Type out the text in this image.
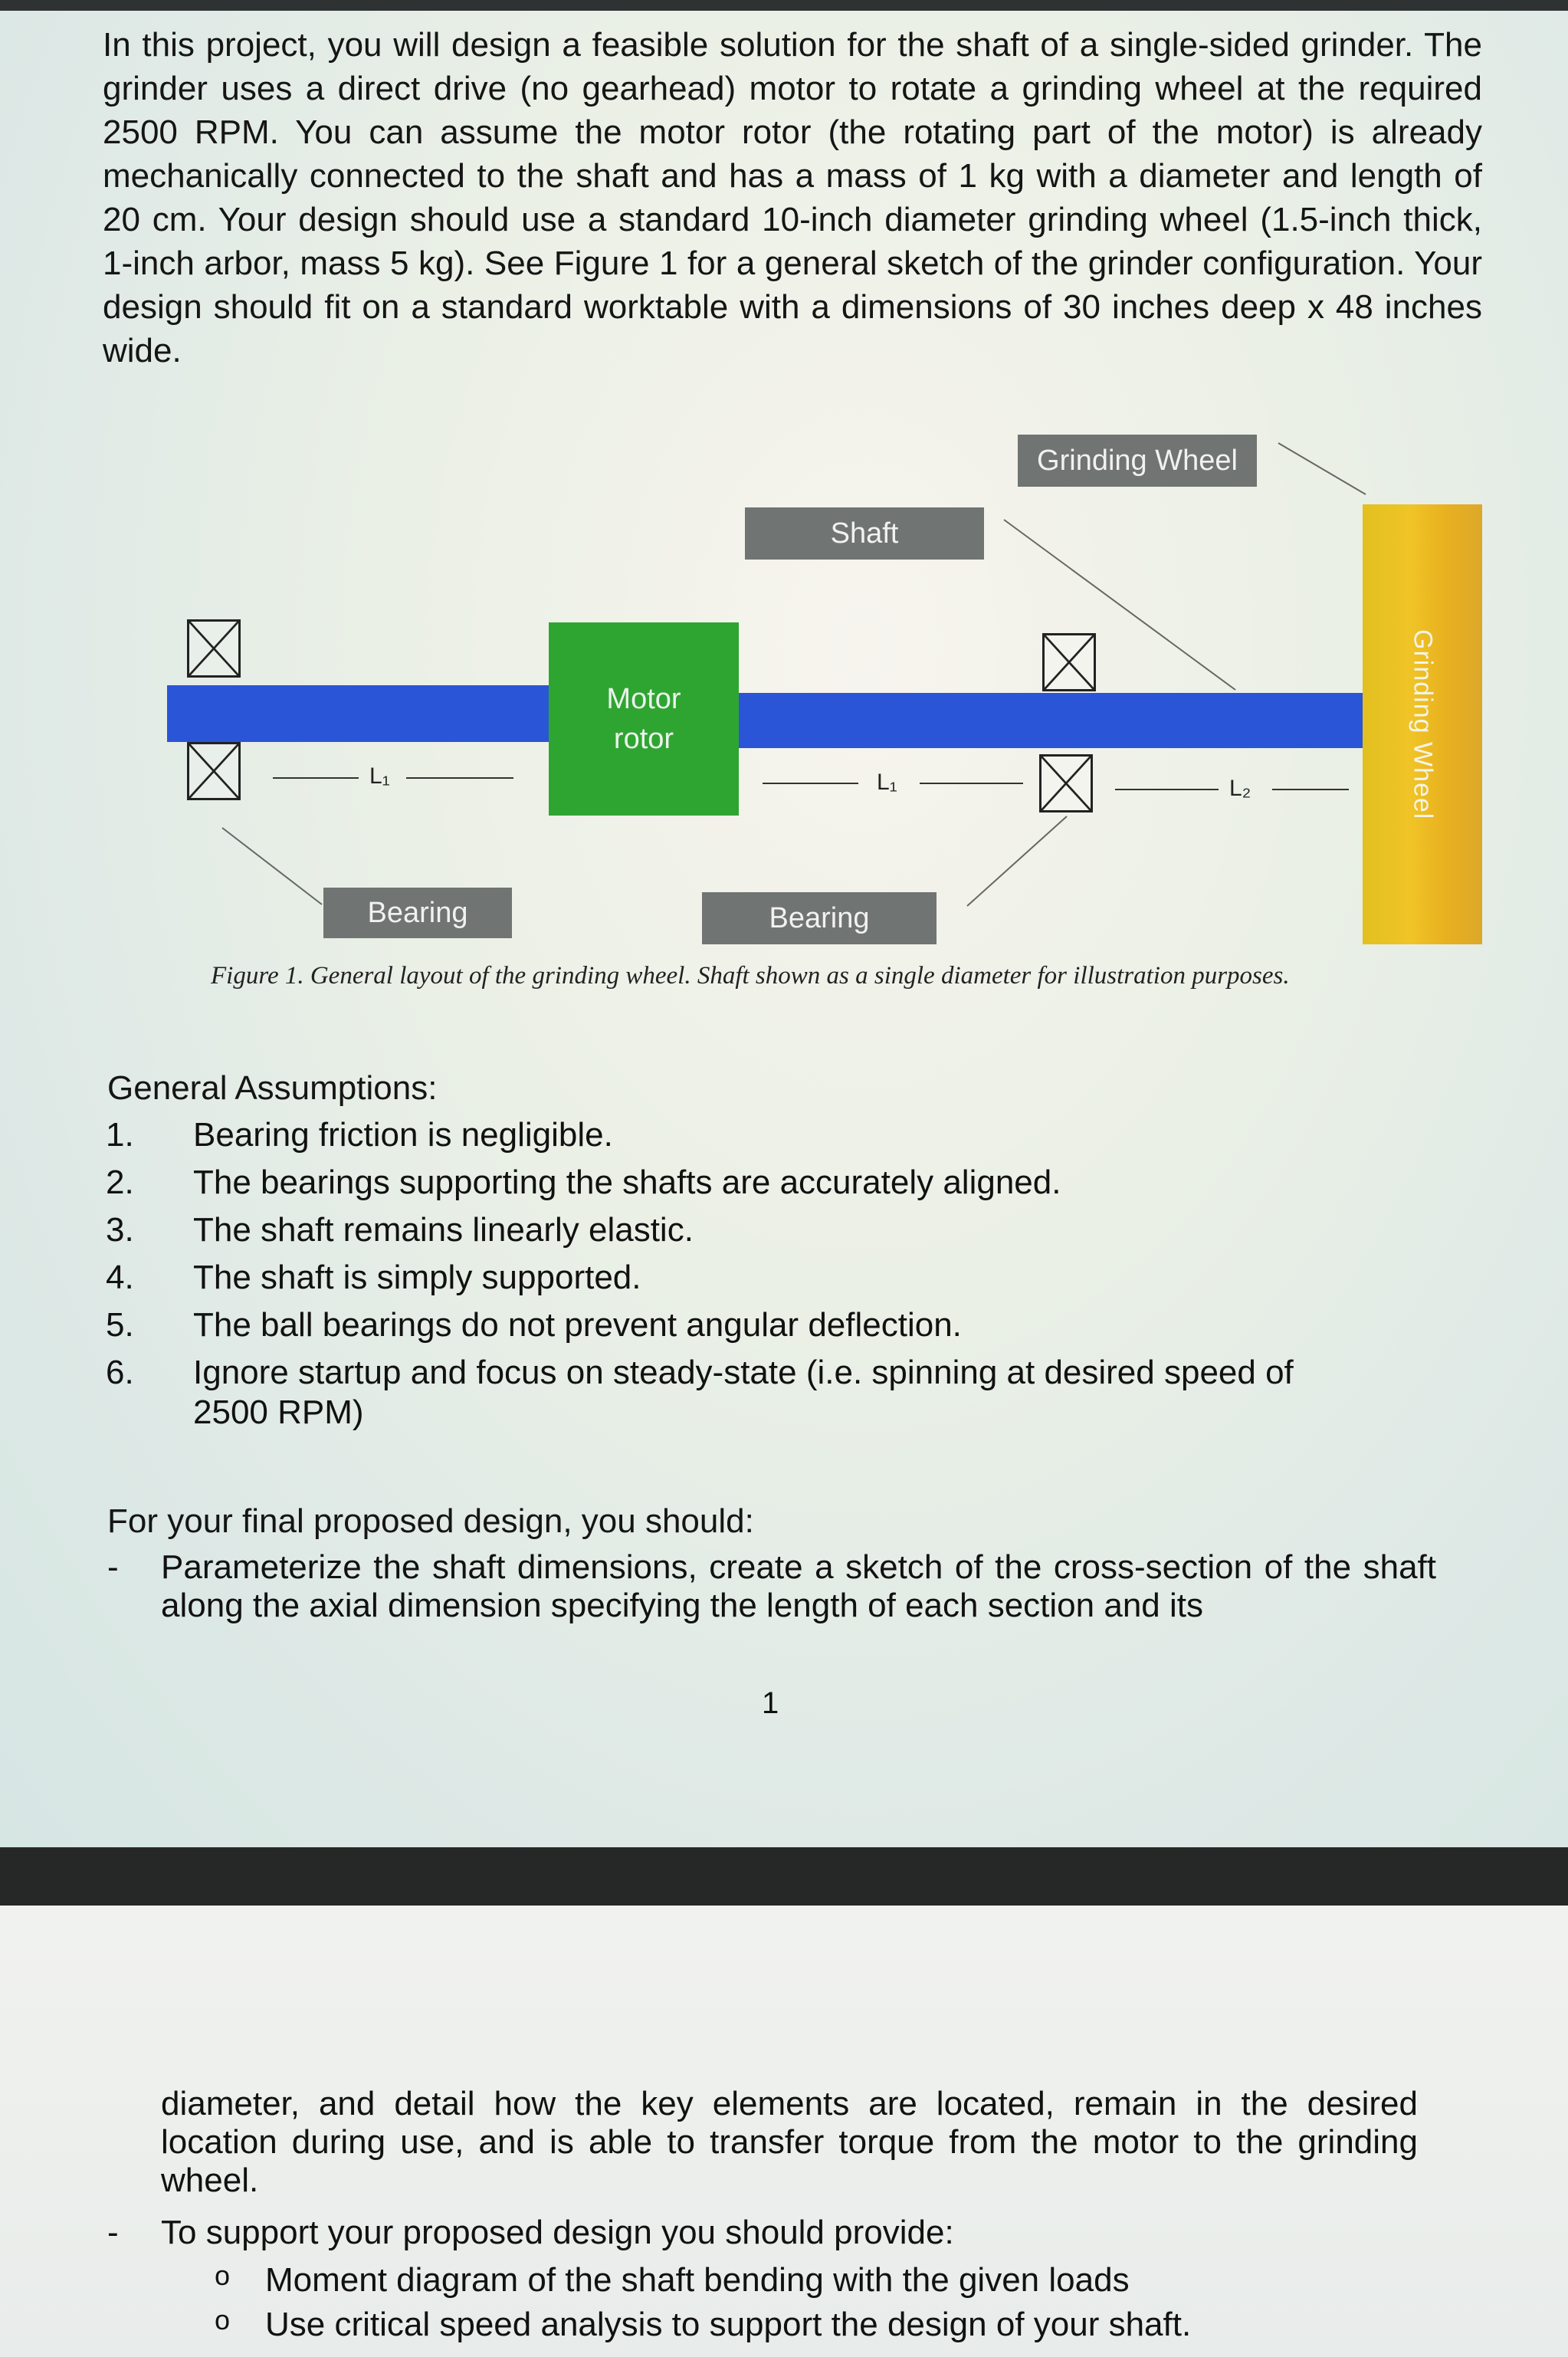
In this project, you will design a feasible solution for the shaft of a single-sided grinder. The grinder uses a direct drive (no gearhead) motor to rotate a grinding wheel at the required 2500 RPM. You can assume the motor rotor (the rotating part of the motor) is already mechanically connected to the shaft and has a mass of 1 kg with a diameter and length of 20 cm. Your design should use a standard 10-inch diameter grinding wheel (1.5-inch thick, 1-inch arbor, mass 5 kg). See Figure 1 for a general sketch of the grinder configuration. Your design should fit on a standard worktable with a dimensions of 30 inches deep x 48 inches wide.
Motor
rotor	Grinding Wheel
Grinding Wheel
Shaft
Bearing	Bearing
L₁	L₁	L₂
Figure 1. General layout of the grinding wheel. Shaft shown as a single diameter for illustration purposes.
General Assumptions:
1. Bearing friction is negligible.
2. The bearings supporting the shafts are accurately aligned.
3. The shaft remains linearly elastic.
4. The shaft is simply supported.
5. The ball bearings do not prevent angular deflection.
6. Ignore startup and focus on steady-state (i.e. spinning at desired speed of 2500 RPM)
For your final proposed design, you should:
- Parameterize the shaft dimensions, create a sketch of the cross-section of the shaft along the axial dimension specifying the length of each section and its
1
diameter, and detail how the key elements are located, remain in the desired location during use, and is able to transfer torque from the motor to the grinding wheel.
- To support your proposed design you should provide:
o Moment diagram of the shaft bending with the given loads
o Use critical speed analysis to support the design of your shaft.
